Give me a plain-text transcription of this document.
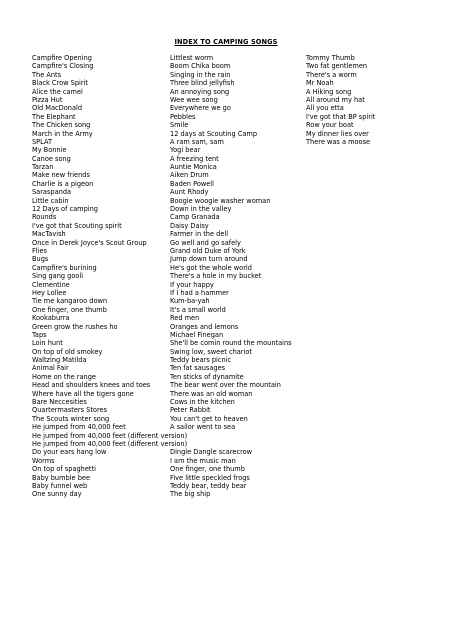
INDEX TO CAMPING SONGS
Campfire Opening
Campfire's Closing
The Ants
Black Crow Spirit
Alice the camel
Pizza Hut
Old MacDonald
The Elephant
The Chicken song
March in the Army
SPLAT
My Bonnie
Canoe song
Tarzan
Make new friends
Charlie is a pigeon
Saraspanda
Little cabin
12 Days of camping
Rounds
I've got that Scouting spirit
MacTavish
Once in Derek Joyce's Scout Group
Flies
Bugs
Campfire's burining
Sing gang gooli
Clementine
Hey Lollee
Tie me kangaroo down
One finger, one thumb
Kookaburra
Green grow the rushes ho
Taps
Loin hunt
On top of old smokey
Waltzing Matilda
Animal Fair
Home on the range
Head and shoulders knees and toes
Where have all the tigers gone
Bare Neccesities
Quartermasters Stores
The Scouts winter song
He jumped from 40,000 feet
He jumped from 40,000 feet (different version)
He jumped from 40,000 feet (different version)
Do your ears hang low
Worms
On top of spaghetti
Baby bumble bee
Baby funnel web
One sunny day
Littlest worm
Boom Chika boom
Singing in the rain
Three blind jellyfish
An annoying song
Wee wee song
Everywhere we go
Pebbles
Smile
12 days at Scouting Camp
A ram sam, sam
Yogi bear
A freezing tent
Auntie Monica
Aiken Drum
Baden Powell
Aunt Rhody
Boogie woogie washer woman
Down in the valley
Camp Granada
Daisy Daisy
Farmer in the dell
Go well and go safely
Grand old Duke of York
Jump down turn around
He's got the whole world
There's a hole in my bucket
If your happy
If I had a hammer
Kum-ba-yah
It's a small world
Red men
Oranges and lemons
Michael Finegan
She'll be comin round the mountains
Swing low, sweet chariot
Teddy bears picnic
Ten fat sausages
Ten sticks of dynamite
The bear went over the mountain
There was an old woman
Cows in the kitchen
Peter Rabbit
You can't get to heaven
A sailor went to sea
Dingle Dangle scarecrow
I am the music man
One finger, one thumb
Five little speckled frogs
Teddy bear, teddy bear
The big ship
Tommy Thumb
Two fat gentlemen
There's a worm
Mr Noah
A Hiking song
All around my hat
All you etta
I've got that BP spirit
Row your boat
My dinner lies over
There was a moose
